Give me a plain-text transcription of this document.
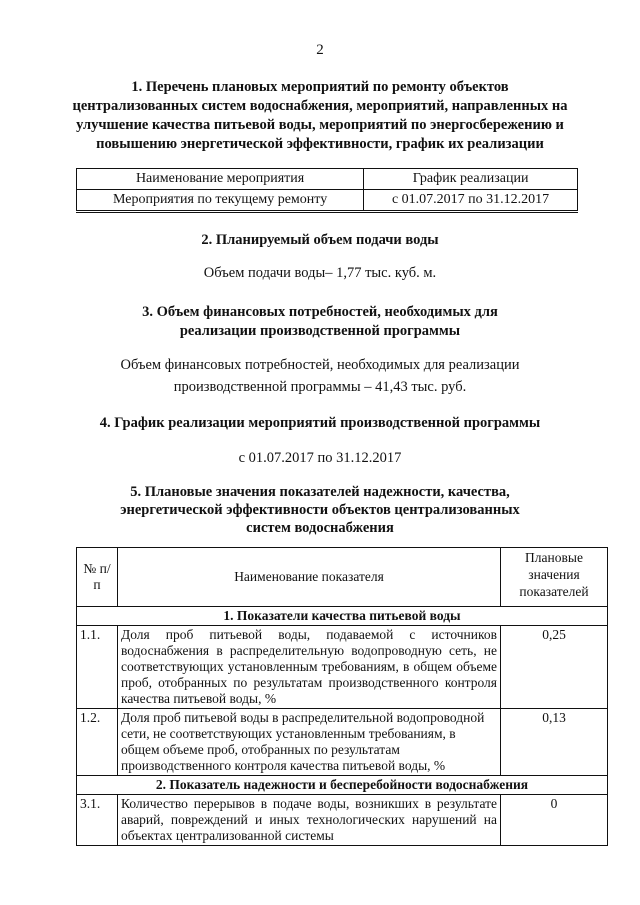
2
1. Перечень плановых мероприятий по ремонту объектов
централизованных систем водоснабжения, мероприятий, направленных на
улучшение качества питьевой воды, мероприятий по энергосбережению и
повышению энергетической эффективности, график их реализации
Наименование мероприятия	График реализации
Мероприятия по текущему ремонту	с 01.07.2017 по 31.12.2017
2. Планируемый объем подачи воды
Объем подачи воды– 1,77 тыс. куб. м.
3. Объем финансовых потребностей, необходимых для
реализации производственной программы
Объем финансовых потребностей, необходимых для реализации
производственной программы – 41,43 тыс. руб.
4. График реализации мероприятий производственной программы
с 01.07.2017 по 31.12.2017
5. Плановые значения показателей надежности, качества,
энергетической эффективности объектов централизованных
систем водоснабжения
№ п/п	Наименование показателя	Плановые значения показателей
1. Показатели качества питьевой воды		
1.1.	Доля проб питьевой воды, подаваемой с источников водоснабжения в распределительную водопроводную сеть, не соответствующих установленным требованиям, в общем объеме проб, отобранных по результатам производственного контроля качества питьевой воды, %	0,25
1.2.	Доля проб питьевой воды в распределительной водопроводной сети, не соответствующих установленным требованиям, в общем объеме проб, отобранных по результатам производственного контроля качества питьевой воды, %	0,13
2. Показатель надежности и бесперебойности водоснабжения		
3.1.	Количество перерывов в подаче воды, возникших в результате аварий, повреждений и иных технологических нарушений на объектах централизованной системы	0
